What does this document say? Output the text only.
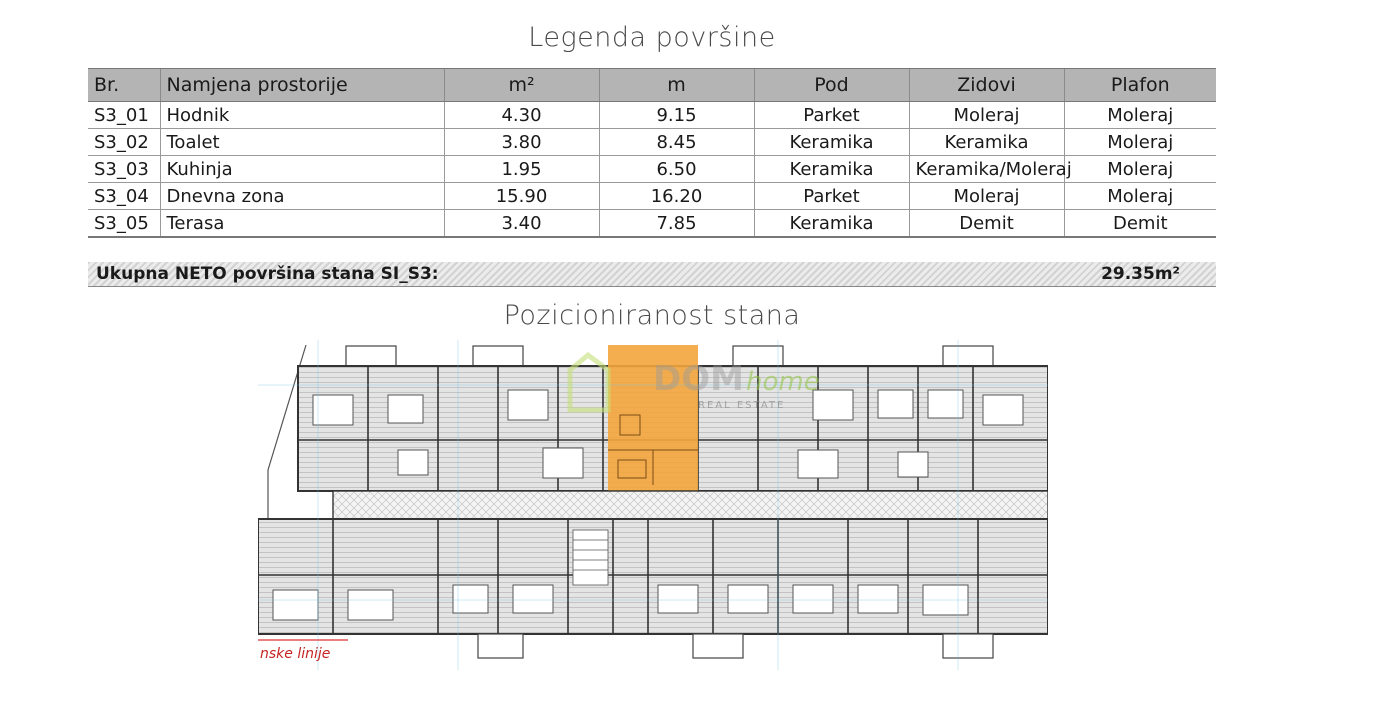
Legenda površine
Br.	Namjena prostorije	m²	m	Pod	Zidovi	Plafon
S3_01	Hodnik	4.30	9.15	Parket	Moleraj	Moleraj
S3_02	Toalet	3.80	8.45	Keramika	Keramika	Moleraj
S3_03	Kuhinja	1.95	6.50	Keramika	Keramika/Moleraj	Moleraj
S3_04	Dnevna zona	15.90	16.20	Parket	Moleraj	Moleraj
S3_05	Terasa	3.40	7.85	Keramika	Demit	Demit
Ukupna NETO površina stana SI_S3:	29.35m²
Pozicioniranost stana
DOM home
REAL ESTATE
nske linije
